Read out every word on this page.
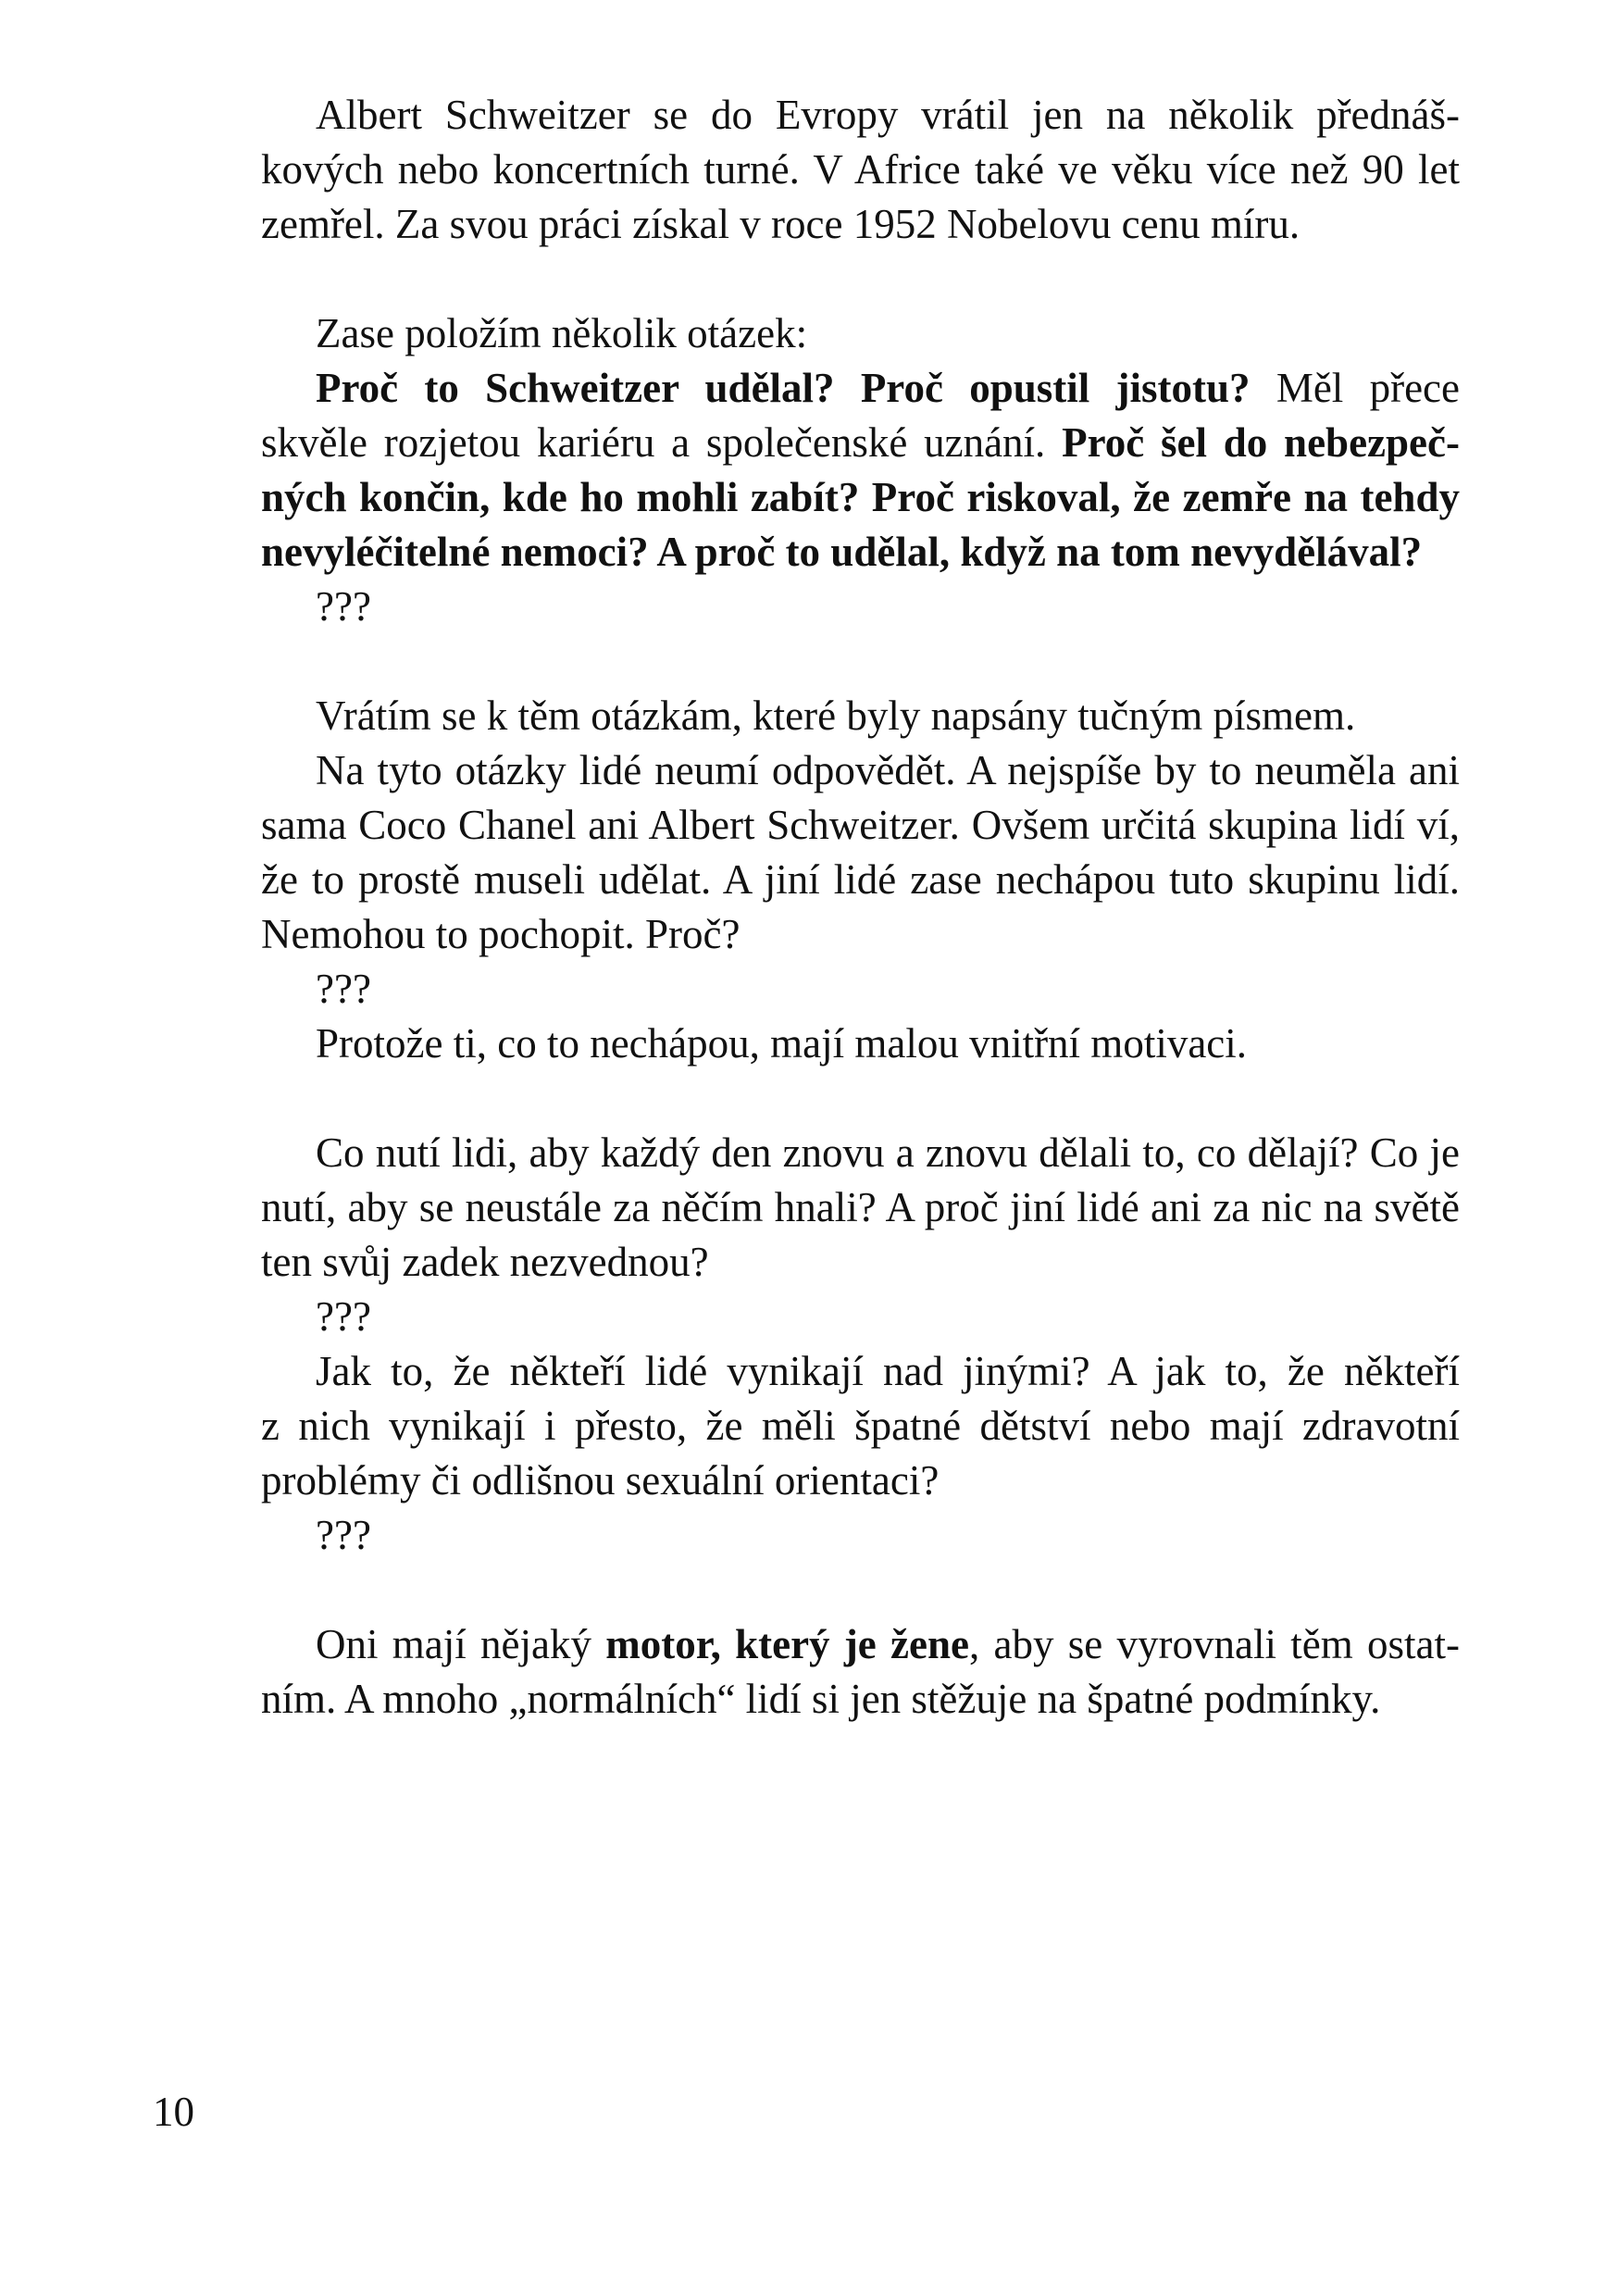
Albert Schweitzer se do Evropy vrátil jen na několik přednáš-
kových nebo koncertních turné. V Africe také ve věku více než 90 let
zemřel. Za svou práci získal v roce 1952 Nobelovu cenu míru.
Zase položím několik otázek:
Proč to Schweitzer udělal? Proč opustil jistotu? Měl přece
skvěle rozjetou kariéru a společenské uznání. Proč šel do nebezpeč-
ných končin, kde ho mohli zabít? Proč riskoval, že zemře na tehdy
nevyléčitelné nemoci? A proč to udělal, když na tom nevydělával?
???
Vrátím se k těm otázkám, které byly napsány tučným písmem.
Na tyto otázky lidé neumí odpovědět. A nejspíše by to neuměla ani
sama Coco Chanel ani Albert Schweitzer. Ovšem určitá skupina lidí ví,
že to prostě museli udělat. A jiní lidé zase nechápou tuto skupinu lidí.
Nemohou to pochopit. Proč?
???
Protože ti, co to nechápou, mají malou vnitřní motivaci.
Co nutí lidi, aby každý den znovu a znovu dělali to, co dělají? Co je
nutí, aby se neustále za něčím hnali? A proč jiní lidé ani za nic na světě
ten svůj zadek nezvednou?
???
Jak to, že někteří lidé vynikají nad jinými? A jak to, že někteří
z nich vynikají i přesto, že měli špatné dětství nebo mají zdravotní
problémy či odlišnou sexuální orientaci?
???
Oni mají nějaký motor, který je žene, aby se vyrovnali těm ostat-
ním. A mnoho „normálních“ lidí si jen stěžuje na špatné podmínky.
10
